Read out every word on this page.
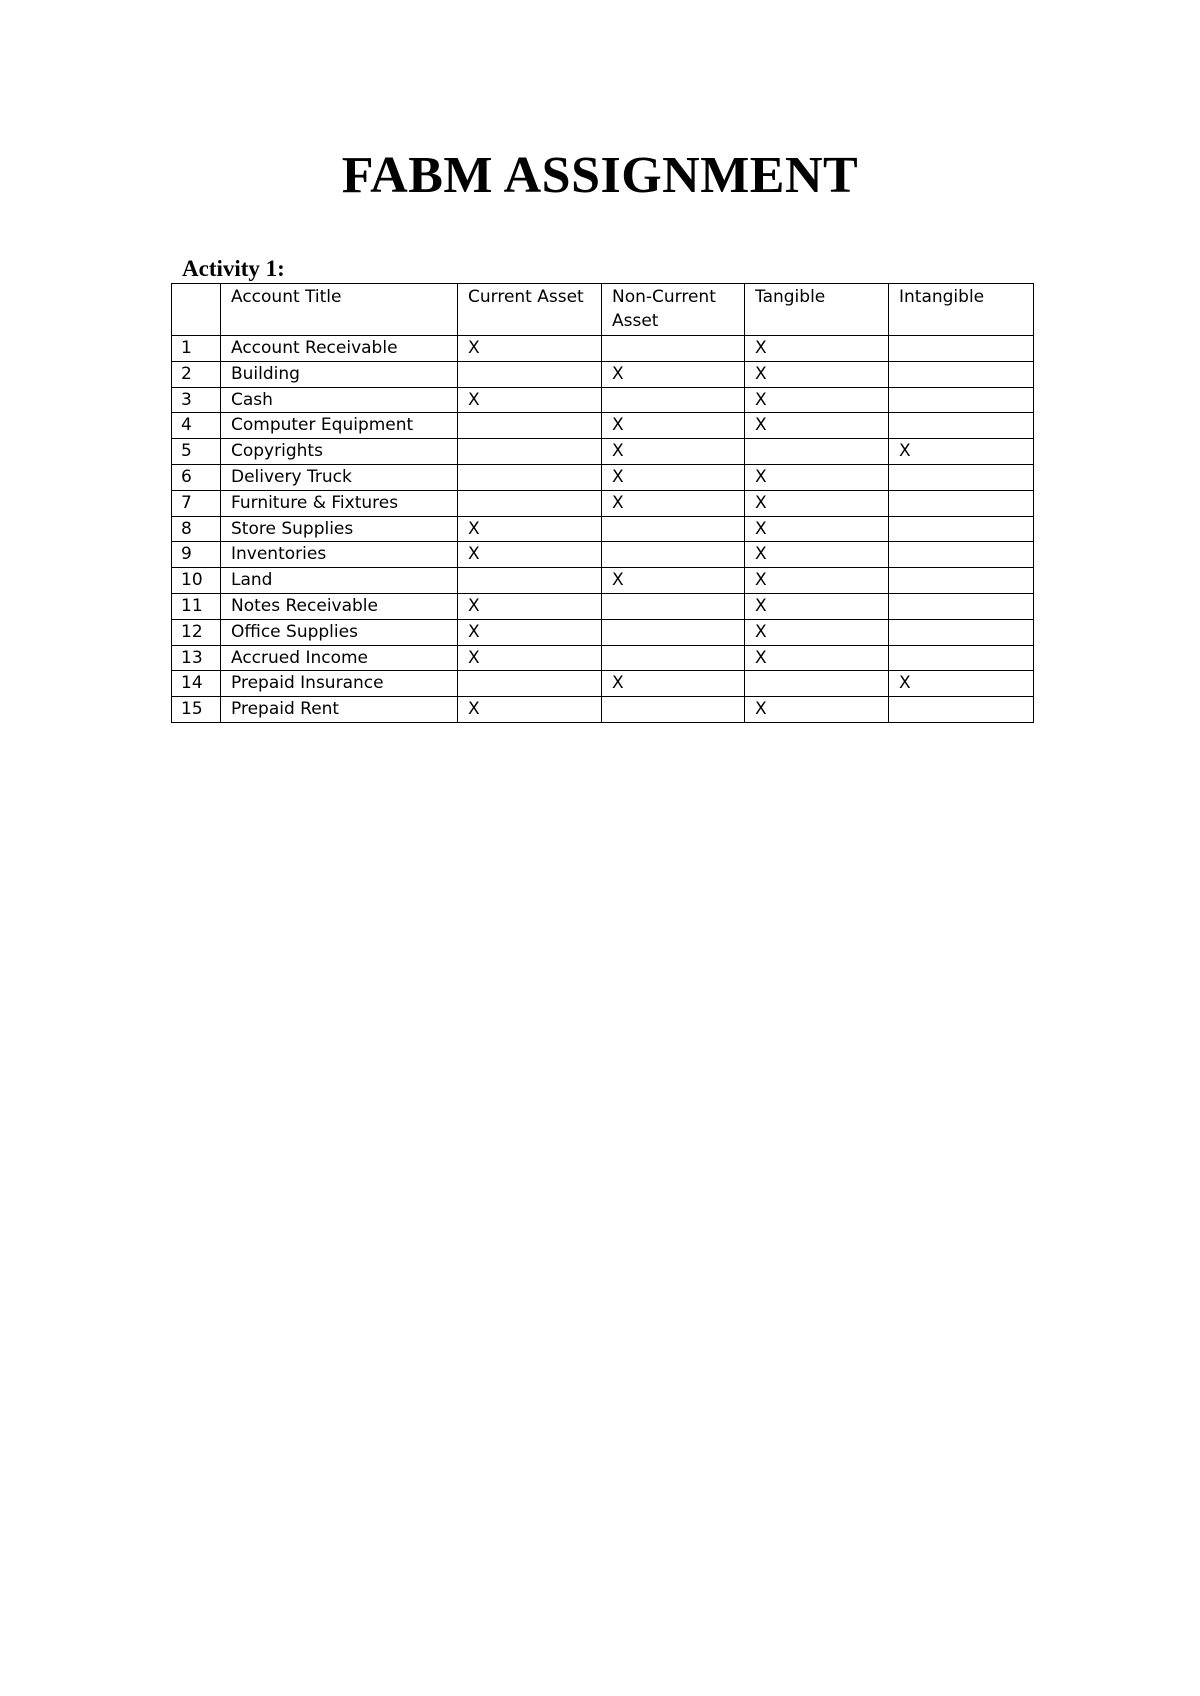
FABM ASSIGNMENT
Activity 1:
	Account Title	Current Asset	Non-Current Asset	Tangible	Intangible
1	Account Receivable	X		X	
2	Building		X	X	
3	Cash	X		X	
4	Computer Equipment		X	X	
5	Copyrights		X		X
6	Delivery Truck		X	X	
7	Furniture & Fixtures		X	X	
8	Store Supplies	X		X	
9	Inventories	X		X	
10	Land		X	X	
11	Notes Receivable	X		X	
12	Office Supplies	X		X	
13	Accrued Income	X		X	
14	Prepaid Insurance		X		X
15	Prepaid Rent	X		X	
